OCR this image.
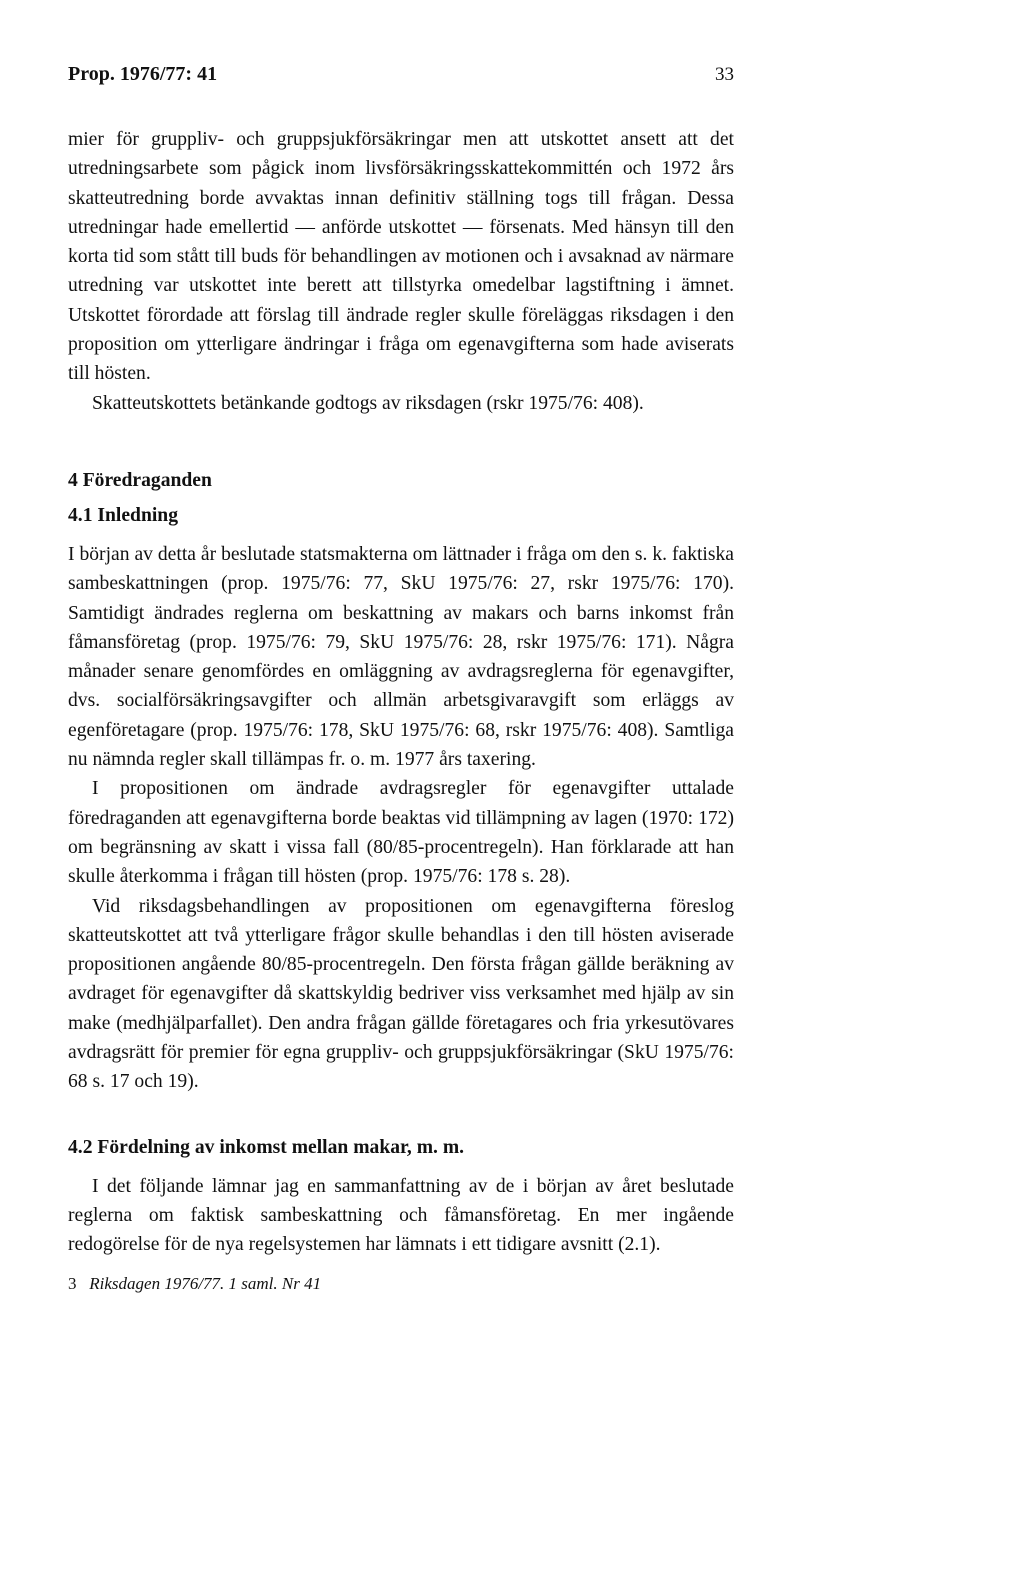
Prop. 1976/77: 41	33

mier för gruppliv- och gruppsjukförsäkringar men att utskottet ansett att det utredningsarbete som pågick inom livsförsäkringsskattekommittén och 1972 års skatteutredning borde avvaktas innan definitiv ställning togs till frågan. Dessa utredningar hade emellertid — anförde utskottet — försenats. Med hänsyn till den korta tid som stått till buds för behandlingen av motionen och i avsaknad av närmare utredning var utskottet inte berett att tillstyrka omedelbar lagstiftning i ämnet. Utskottet förordade att förslag till ändrade regler skulle föreläggas riksdagen i den proposition om ytterligare ändringar i fråga om egenavgifterna som hade aviserats till hösten.

Skatteutskottets betänkande godtogs av riksdagen (rskr 1975/76: 408).

4 Föredraganden
4.1 Inledning

I början av detta år beslutade statsmakterna om lättnader i fråga om den s. k. faktiska sambeskattningen (prop. 1975/76: 77, SkU 1975/76: 27, rskr 1975/76: 170). Samtidigt ändrades reglerna om beskattning av makars och barns inkomst från fåmansföretag (prop. 1975/76: 79, SkU 1975/76: 28, rskr 1975/76: 171). Några månader senare genomfördes en omläggning av avdragsreglerna för egenavgifter, dvs. socialförsäkringsavgifter och allmän arbetsgivaravgift som erläggs av egenföretagare (prop. 1975/76: 178, SkU 1975/76: 68, rskr 1975/76: 408). Samtliga nu nämnda regler skall tillämpas fr. o. m. 1977 års taxering.

I propositionen om ändrade avdragsregler för egenavgifter uttalade föredraganden att egenavgifterna borde beaktas vid tillämpning av lagen (1970: 172) om begränsning av skatt i vissa fall (80/85-procentregeln). Han förklarade att han skulle återkomma i frågan till hösten (prop. 1975/76: 178 s. 28).

Vid riksdagsbehandlingen av propositionen om egenavgifterna föreslog skatteutskottet att två ytterligare frågor skulle behandlas i den till hösten aviserade propositionen angående 80/85-procentregeln. Den första frågan gällde beräkning av avdraget för egenavgifter då skattskyldig bedriver viss verksamhet med hjälp av sin make (medhjälparfallet). Den andra frågan gällde företagares och fria yrkesutövares avdragsrätt för premier för egna gruppliv- och gruppsjukförsäkringar (SkU 1975/76: 68 s. 17 och 19).

4.2 Fördelning av inkomst mellan makar, m. m.

I det följande lämnar jag en sammanfattning av de i början av året beslutade reglerna om faktisk sambeskattning och fåmansföretag. En mer ingående redogörelse för de nya regelsystemen har lämnats i ett tidigare avsnitt (2.1).

3 Riksdagen 1976/77. 1 saml. Nr 41
